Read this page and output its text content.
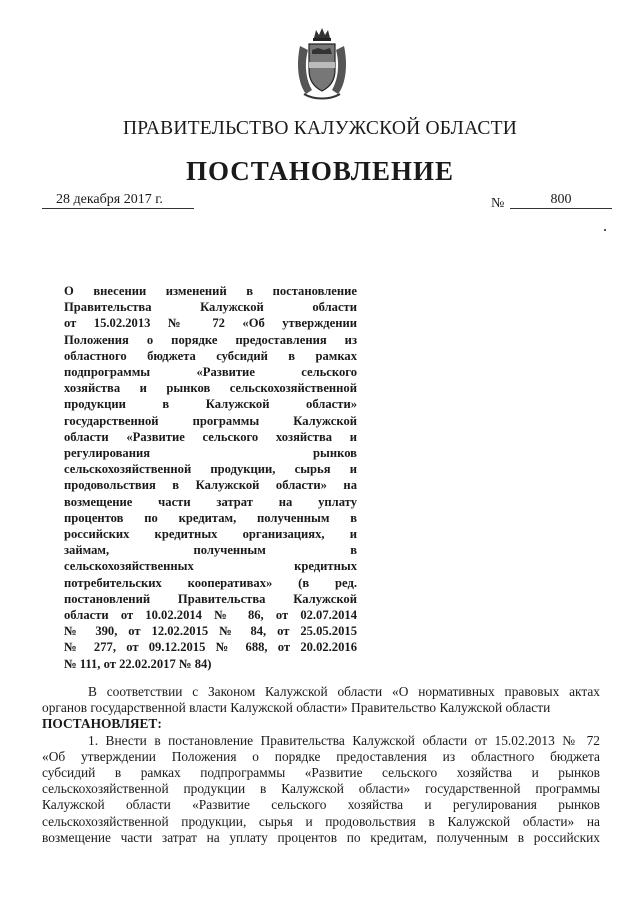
ПРАВИТЕЛЬСТВО КАЛУЖСКОЙ ОБЛАСТИ
ПОСТАНОВЛЕНИЕ
28 декабря 2017 г.	№	800
О внесении изменений в постановление
Правительства Калужской области
от 15.02.2013 № 72 «Об утверждении
Положения о порядке предоставления из
областного бюджета субсидий в рамках
подпрограммы «Развитие сельского
хозяйства и рынков сельскохозяйственной
продукции в Калужской области»
государственной программы Калужской
области «Развитие сельского хозяйства и
регулирования рынков
сельскохозяйственной продукции, сырья и
продовольствия в Калужской области» на
возмещение части затрат на уплату
процентов по кредитам, полученным в
российских кредитных организациях, и
займам, полученным в
сельскохозяйственных кредитных
потребительских кооперативах» (в ред.
постановлений Правительства Калужской
области от 10.02.2014 № 86, от 02.07.2014
№ 390, от 12.02.2015 № 84, от 25.05.2015
№ 277, от 09.12.2015 № 688, от 20.02.2016
№ 111, от 22.02.2017 № 84)
В соответствии с Законом Калужской области «О нормативных правовых актах
органов государственной власти Калужской области» Правительство Калужской области
ПОСТАНОВЛЯЕТ:
1. Внести в постановление Правительства Калужской области от 15.02.2013 № 72
«Об утверждении Положения о порядке предоставления из областного бюджета
субсидий в рамках подпрограммы «Развитие сельского хозяйства и рынков
сельскохозяйственной продукции в Калужской области» государственной программы
Калужской области «Развитие сельского хозяйства и регулирования рынков
сельскохозяйственной продукции, сырья и продовольствия в Калужской области» на
возмещение части затрат на уплату процентов по кредитам, полученным в российских
